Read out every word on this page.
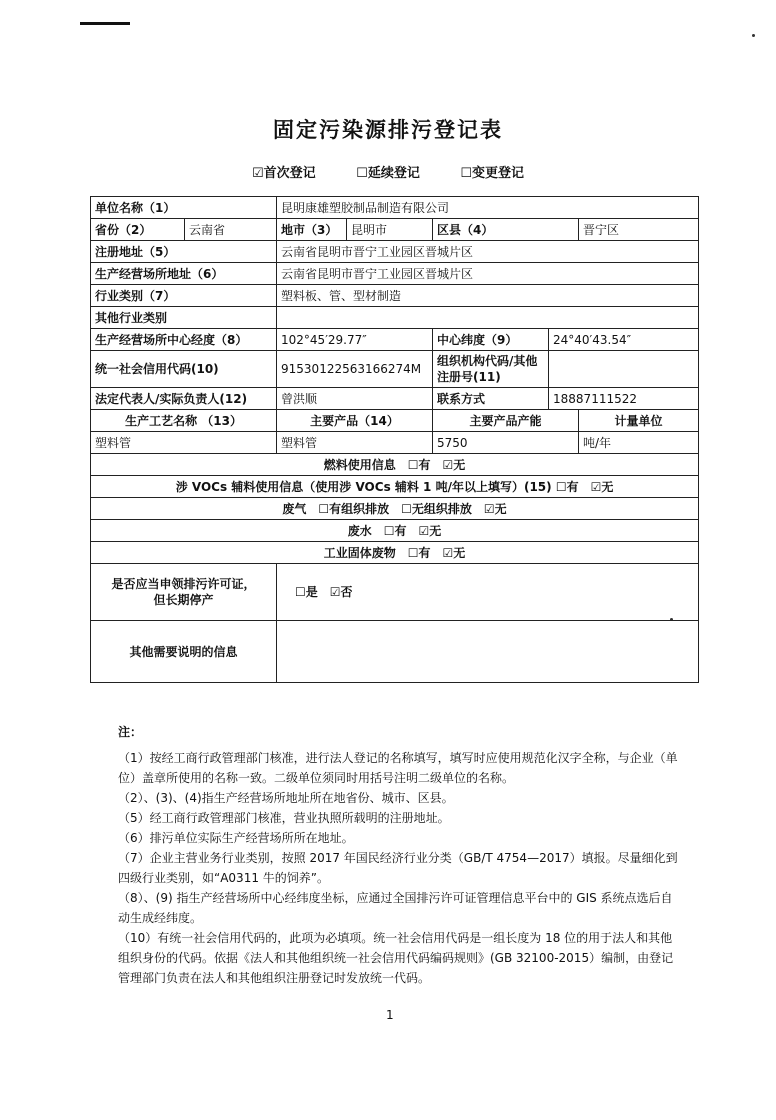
固定污染源排污登记表
☑首次登记	☐延续登记	☐变更登记
单位名称（1）		昆明康雄塑胶制品制造有限公司				
省份（2）	云南省	地市（3）	昆明市	区县（4）		晋宁区
注册地址（5）		云南省昆明市晋宁工业园区晋城片区				
生产经营场所地址（6）		云南省昆明市晋宁工业园区晋城片区				
行业类别（7）		塑料板、管、型材制造				
其他行业类别						
生产经营场所中心经度（8）		102°45′29.77″		中心纬度（9）	24°40′43.54″	
统一社会信用代码(10)		91530122563166274M		组织机构代码/其他注册号(11)		
法定代表人/实际负责人(12)		曾洪顺		联系方式	18887111522	
生产工艺名称 （13）		主要产品（14）		主要产品产能		计量单位
塑料管		塑料管		5750		吨/年
燃料使用信息　☐有　☑无						
涉 VOCs 辅料使用信息（使用涉 VOCs 辅料 1 吨/年以上填写）(15) ☐有　☑无						
废气　☐有组织排放　☐无组织排放　☑无						
废水　☐有　☑无						
工业固体废物　☐有　☑无						
是否应当申领排污许可证，但长期停产		☐是　☑否				
其他需要说明的信息						

注：

（1）按经工商行政管理部门核准，进行法人登记的名称填写，填写时应使用规范化汉字全称，与企业（单位）盖章所使用的名称一致。二级单位须同时用括号注明二级单位的名称。

（2）、(3)、(4)指生产经营场所地址所在地省份、城市、区县。

（5）经工商行政管理部门核准，营业执照所载明的注册地址。

（6）排污单位实际生产经营场所所在地址。

（7）企业主营业务行业类别，按照 2017 年国民经济行业分类（GB/T 4754—2017）填报。尽量细化到四级行业类别，如“A0311 牛的饲养”。

（8）、(9) 指生产经营场所中心经纬度坐标，应通过全国排污许可证管理信息平台中的 GIS 系统点选后自动生成经纬度。

（10）有统一社会信用代码的，此项为必填项。统一社会信用代码是一组长度为 18 位的用于法人和其他组织身份的代码。依据《法人和其他组织统一社会信用代码编码规则》(GB 32100-2015）编制，由登记管理部门负责在法人和其他组织注册登记时发放统一代码。

1
